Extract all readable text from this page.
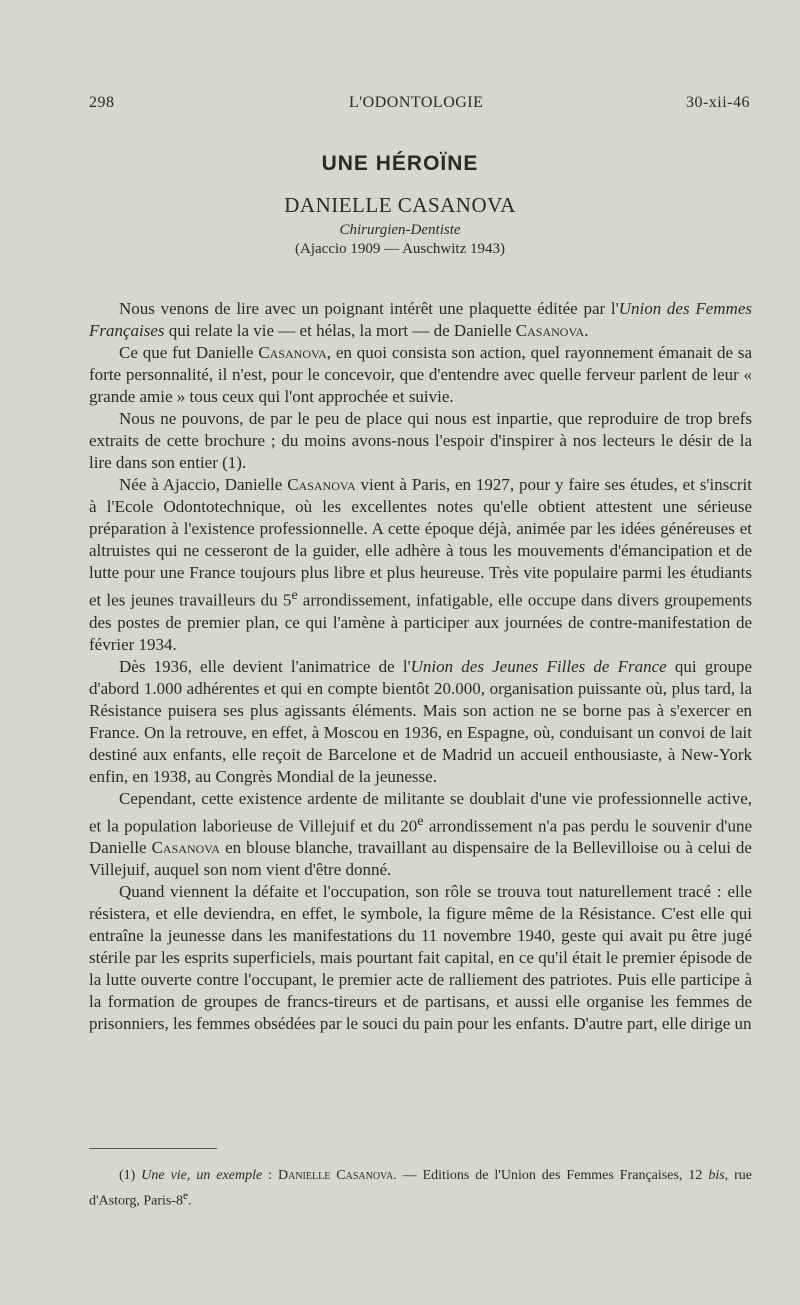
298	L'ODONTOLOGIE	30-xii-46
UNE HÉROÏNE
DANIELLE CASANOVA
Chirurgien-Dentiste
(Ajaccio 1909 — Auschwitz 1943)

Nous venons de lire avec un poignant intérêt une plaquette éditée par l'Union des Femmes Françaises qui relate la vie — et hélas, la mort — de Danielle Casanova.

Ce que fut Danielle Casanova, en quoi consista son action, quel rayonnement émanait de sa forte personnalité, il n'est, pour le concevoir, que d'entendre avec quelle ferveur parlent de leur « grande amie » tous ceux qui l'ont approchée et suivie.

Nous ne pouvons, de par le peu de place qui nous est inpartie, que reproduire de trop brefs extraits de cette brochure ; du moins avons-nous l'espoir d'inspirer à nos lecteurs le désir de la lire dans son entier (1).

Née à Ajaccio, Danielle Casanova vient à Paris, en 1927, pour y faire ses études, et s'inscrit à l'Ecole Odontotechnique, où les excellentes notes qu'elle obtient attestent une sérieuse préparation à l'existence professionnelle. A cette époque déjà, animée par les idées généreuses et altruistes qui ne cesseront de la guider, elle adhère à tous les mouvements d'émancipation et de lutte pour une France toujours plus libre et plus heureuse. Très vite populaire parmi les étudiants et les jeunes travailleurs du 5e arrondissement, infatigable, elle occupe dans divers groupements des postes de premier plan, ce qui l'amène à participer aux journées de contre-manifestation de février 1934.

Dès 1936, elle devient l'animatrice de l'Union des Jeunes Filles de France qui groupe d'abord 1.000 adhérentes et qui en compte bientôt 20.000, organisation puissante où, plus tard, la Résistance puisera ses plus agissants éléments. Mais son action ne se borne pas à s'exercer en France. On la retrouve, en effet, à Moscou en 1936, en Espagne, où, conduisant un convoi de lait destiné aux enfants, elle reçoit de Barcelone et de Madrid un accueil enthousiaste, à New-York enfin, en 1938, au Congrès Mondial de la jeunesse.

Cependant, cette existence ardente de militante se doublait d'une vie professionnelle active, et la population laborieuse de Villejuif et du 20e arrondissement n'a pas perdu le souvenir d'une Danielle Casanova en blouse blanche, travaillant au dispensaire de la Bellevilloise ou à celui de Villejuif, auquel son nom vient d'être donné.

Quand viennent la défaite et l'occupation, son rôle se trouva tout naturellement tracé : elle résistera, et elle deviendra, en effet, le symbole, la figure même de la Résistance. C'est elle qui entraîne la jeunesse dans les manifestations du 11 novembre 1940, geste qui avait pu être jugé stérile par les esprits superficiels, mais pourtant fait capital, en ce qu'il était le premier épisode de la lutte ouverte contre l'occupant, le premier acte de ralliement des patriotes. Puis elle participe à la formation de groupes de francs-tireurs et de partisans, et aussi elle organise les femmes de prisonniers, les femmes obsédées par le souci du pain pour les enfants. D'autre part, elle dirige un

(1) Une vie, un exemple : Danielle Casanova. — Editions de l'Union des Femmes Françaises, 12 bis, rue d'Astorg, Paris-8e.
